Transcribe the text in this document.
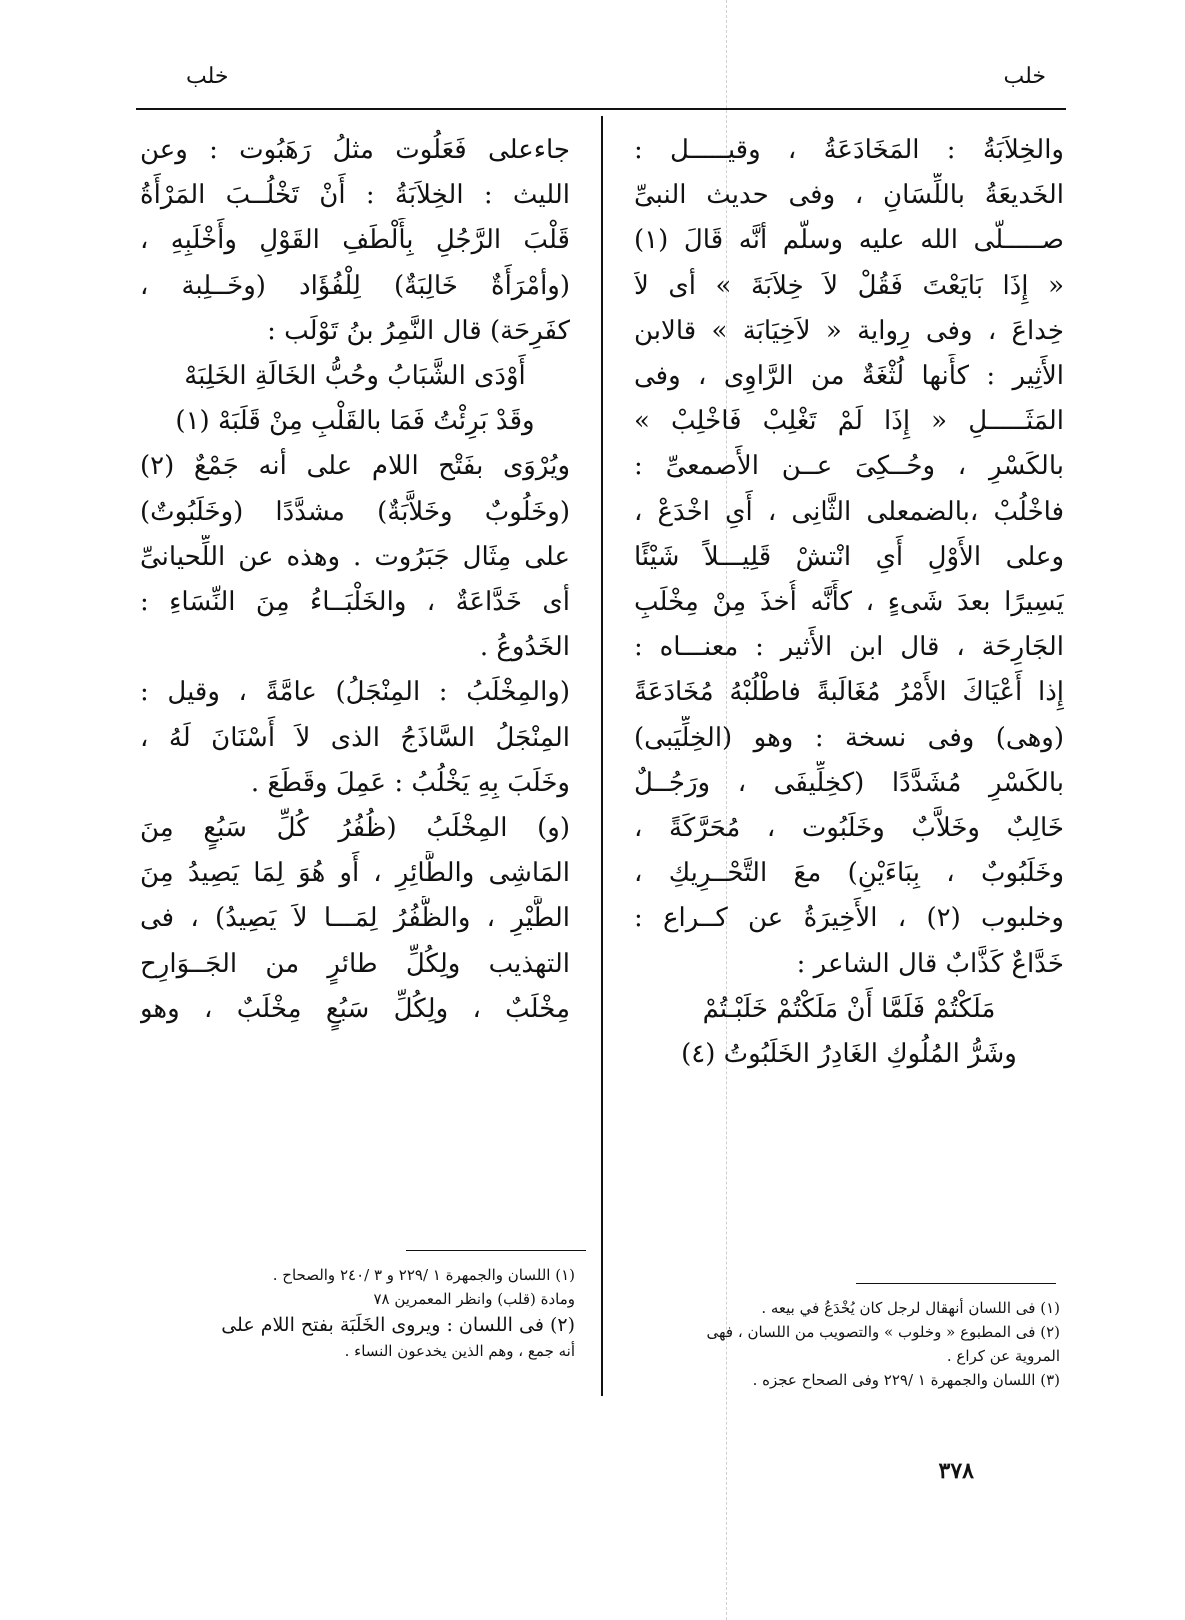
خلب
خلب
والخِلاَبَةُ : المَخَادَعَةُ ، وقيـــــل :
الخَديعَةُ باللِّسَانِ ، وفى حديث النبىِّ
صـــــلّى الله عليه وسلّم أنَّه قَالَ (١)
« إِذَا بَايَعْتَ فَقُلْ لاَ خِلاَبَةَ » أى لاَ
خِداعَ ، وفى رِواية « لاَخِيَابَة » قالابن
الأَثِير : كأَنها لُثْغَةٌ من الرَّاوِى ، وفى
المَثَـــــلِ « إِذَا لَمْ تَغْلِبْ فَاخْلِبْ »
بالكَسْرِ ، وحُــكِىَ عــن الأَصمعىِّ :
فاخْلُبْ ،بالضمعلى الثَّانِى ، أَىِ اخْدَعْ ،
وعلى الأَوْلِ أَىِ انْتشْ قَلِيـــلاً شَيْئًا
يَسِيرًا بعدَ شَىءٍ ، كأَنَّه أُخذَ مِنْ مِخْلَبِ
الجَارِحَة ، قال ابن الأَثير : معنـــاه :
إِذا أَعْيَاكَ الأَمْرُ مُغَالَبةً فاطْلُبْهُ مُخَادَعَةً
(وهى) وفى نسخة : وهو (الخِلِّيَبى)
بالكَسْرِ مُشَدَّدًا (كخِلِّيفَى ، ورَجُــلٌ
خَالِبٌ وخَلاَّبٌ وخَلَبُوت ، مُحَرَّكَةً ،
وخَلَبُوبٌ ، بِبَاءَيْنِ) معَ التَّحْــرِيكِ ،
وخلبوب (٢) ، الأَخِيرَةُ عن كــراع :
خَدَّاعٌ كَذَّابٌ قال الشاعر :
مَلَكْتُمْ فَلَمَّا أَنْ مَلَكْتُمْ خَلَبْـتُمْ
وشَرُّ المُلُوكِ الغَادِرُ الخَلَبُوتُ (٤)
جاءعلى فَعَلُوت مثلُ رَهَبُوت : وعن
الليث : الخِلاَبَةُ : أَنْ تَخْلُــبَ المَرْأَةُ
قَلْبَ الرَّجُلِ بِأَلْطَفِ القَوْلِ وأَخْلَبِهِ ،
(وأمْرَأَةٌ خَالِبَةٌ) لِلْفُؤَاد (وخَــلِبة ،
كفَرِحَة) قال النَّمِرُ بنُ تَوْلَب :
أَوْدَى الشَّبَابُ وحُبُّ الخَالَةِ الخَلِبَهْ
وقَدْ بَرِئْتُ فَمَا بالقَلْبِ مِنْ قَلَبَهْ (١)
ويُرْوَى بفَتْح اللام على أنه جَمْعٌ (٢)
(وخَلُوبٌ وخَلاَّبَةٌ) مشدَّدًا (وخَلَبُوتٌ)
على مِثَال جَبَرُوت . وهذه عن اللِّحيانىِّ
أى خَدَّاعَةٌ ، والخَلْبَــاءُ مِنَ النِّسَاءِ :
الخَدُوعُ .
(والمِخْلَبُ : المِنْجَلُ) عامَّةً ، وقيل :
المِنْجَلُ السَّاذَجُ الذى لاَ أَسْنَانَ لَهُ ،
وخَلَبَ بِهِ يَخْلُبُ : عَمِلَ وقَطَعَ .
(و) المِخْلَبُ (ظُفُرُ كُلِّ سَبُعٍ مِنَ
المَاشِى والطَّائِرِ ، أَو هُوَ لِمَا يَصِيدُ مِنَ
الطَّيْرِ ، والظُّفُرُ لِمَـــا لاَ يَصِيدُ) ، فى
التهذيب ولِكُلِّ طائرٍ من الجَــوَارِح
مِخْلَبٌ ، ولِكُلِّ سَبُعٍ مِخْلَبٌ ، وهو
(١) فى اللسان أنهقال لرجل كان يُخْدَعُ في بيعه .
(٢) فى المطبوع « وخلوب » والتصويب من اللسان ، فهى
المروية عن كراع .
(٣) اللسان والجمهرة ١ /٢٢٩ وفى الصحاح عجزه .
(١) اللسان والجمهرة ١ /٢٢٩ و ٣ /٢٤٠ والصحاح .
ومادة (قلب) وانظر المعمرين ٧٨
(٢) فى اللسان : ويروى الخَلَبَة بفتح اللام على
أنه جمع ، وهم الذين يخدعون النساء .
٣٧٨
